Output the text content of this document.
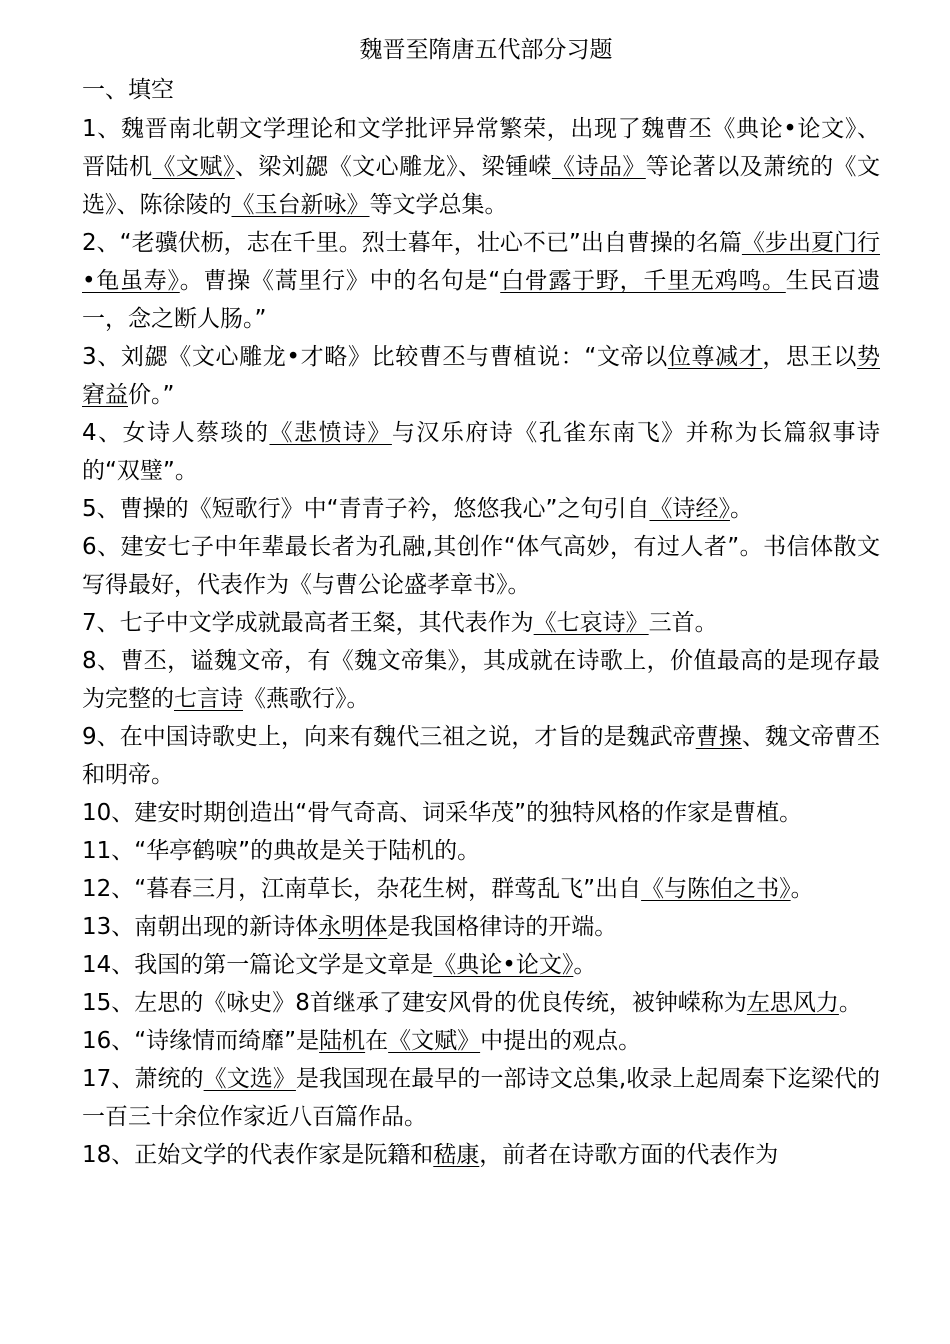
魏晋至隋唐五代部分习题
一、填空

1、魏晋南北朝文学理论和文学批评异常繁荣，出现了魏曹丕《典论•论文》、晋陆机《文赋》、梁刘勰《文心雕龙》、梁锺嵘《诗品》等论著以及萧统的《文选》、陈徐陵的《玉台新咏》等文学总集。

2、“老骥伏枥，志在千里。烈士暮年，壮心不已”出自曹操的名篇《步出夏门行•龟虽寿》。曹操《蒿里行》中的名句是“白骨露于野，千里无鸡鸣。生民百遗一，念之断人肠。”

3、刘勰《文心雕龙•才略》比较曹丕与曹植说：“文帝以位尊减才，思王以势窘益价。”

4、女诗人蔡琰的《悲愤诗》与汉乐府诗《孔雀东南飞》并称为长篇叙事诗的“双璧”。

5、曹操的《短歌行》中“青青子衿，悠悠我心”之句引自《诗经》。

6、建安七子中年辈最长者为孔融,其创作“体气高妙，有过人者”。书信体散文写得最好，代表作为《与曹公论盛孝章书》。

7、七子中文学成就最高者王粲，其代表作为《七哀诗》三首。

8、曹丕，谥魏文帝，有《魏文帝集》，其成就在诗歌上，价值最高的是现存最为完整的七言诗《燕歌行》。

9、在中国诗歌史上，向来有魏代三祖之说，才旨的是魏武帝曹操、魏文帝曹丕和明帝。

10、建安时期创造出“骨气奇高、词采华茂”的独特风格的作家是曹植。

11、“华亭鹤唳”的典故是关于陆机的。

12、“暮春三月，江南草长，杂花生树，群莺乱飞”出自《与陈伯之书》。

13、南朝出现的新诗体永明体是我国格律诗的开端。

14、我国的第一篇论文学是文章是《典论•论文》。

15、左思的《咏史》8首继承了建安风骨的优良传统，被钟嵘称为左思风力。

16、“诗缘情而绮靡”是陆机在《文赋》中提出的观点。

17、萧统的《文选》是我国现在最早的一部诗文总集,收录上起周秦下迄梁代的一百三十余位作家近八百篇作品。

18、正始文学的代表作家是阮籍和嵇康，前者在诗歌方面的代表作为
